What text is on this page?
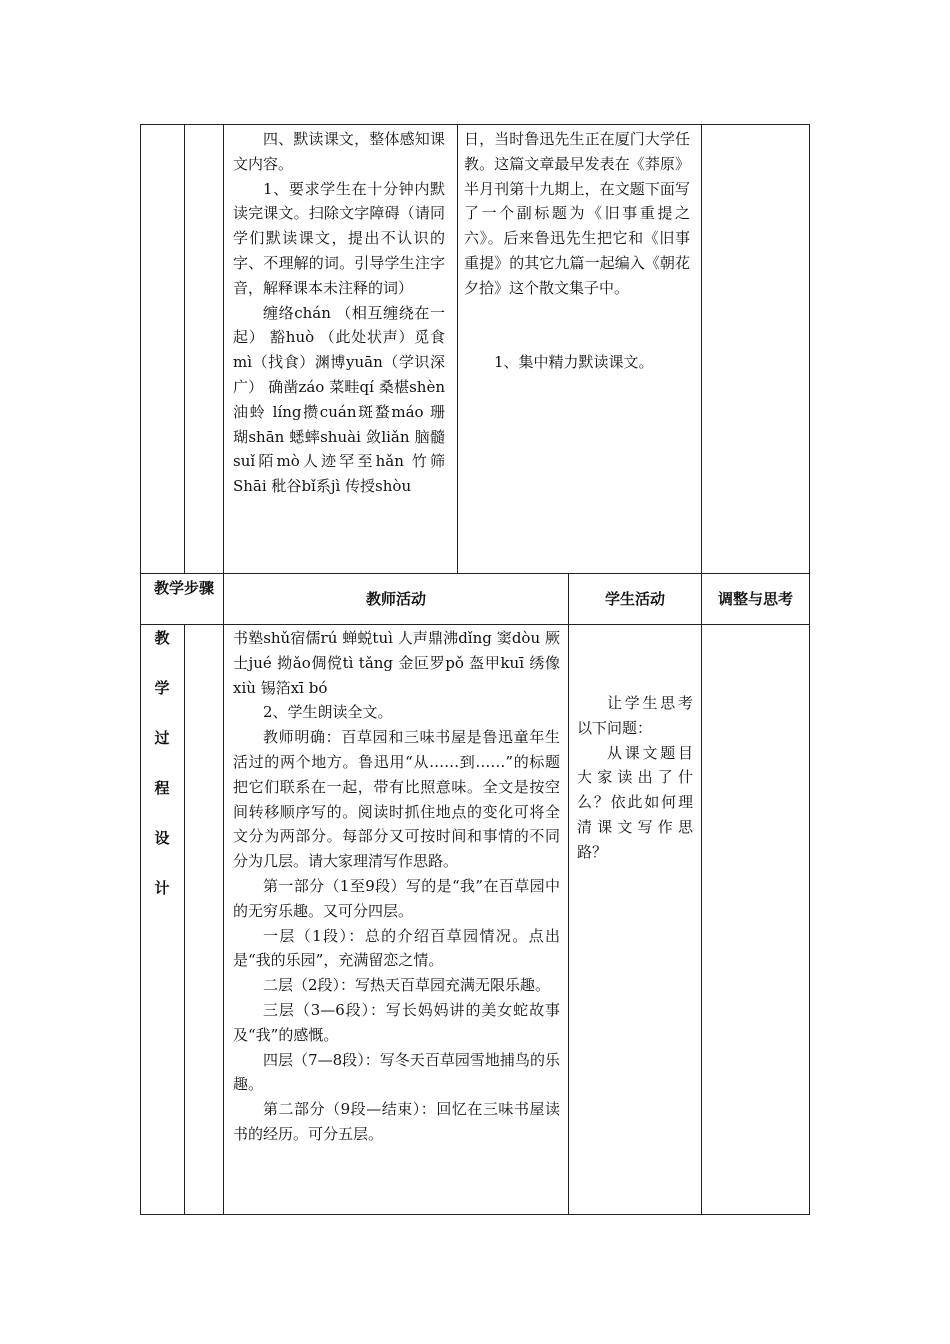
四、默读课文，整体感知课文内容。

1、要求学生在十分钟内默读完课文。扫除文字障碍（请同学们默读课文，提出不认识的字、不理解的词。引导学生注字音，解释课本未注释的词）

缠络chán （相互缠绕在一起） 豁huò （此处状声）觅食mì（找食）渊博yuān（学识深广） 确凿záo 菜畦qí 桑椹shèn 油蛉 líng攒cuán斑蝥máo 珊瑚shān 蟋蟀shuài 敛liǎn 脑髓suǐ陌mò人迹罕至hǎn 竹筛Shāi 秕谷bǐ系jì 传授shòu

日，当时鲁迅先生正在厦门大学任教。这篇文章最早发表在《莽原》半月刊第十九期上，在文题下面写了一个副标题为《旧事重提之六》。后来鲁迅先生把它和《旧事重提》的其它九篇一起编入《朝花夕拾》这个散文集子中。

1、集中精力默读课文。

教学步骤
教师活动	学生活动	调整与思考
教
学
过
程
设
计

书塾shǔ宿儒rú 蝉蜕tuì 人声鼎沸dǐng 窦dòu 厥士jué 拗ǎo倜傥tì tǎng 金叵罗pǒ 盔甲kuī 绣像xiù 锡箔xī bó

2、学生朗读全文。

教师明确：百草园和三味书屋是鲁迅童年生活过的两个地方。鲁迅用“从……到……”的标题把它们联系在一起，带有比照意味。全文是按空间转移顺序写的。阅读时抓住地点的变化可将全文分为两部分。每部分又可按时间和事情的不同分为几层。请大家理清写作思路。

第一部分（1至9段）写的是“我”在百草园中的无穷乐趣。又可分四层。

一层（1段）：总的介绍百草园情况。点出是“我的乐园”，充满留恋之情。

二层（2段）：写热天百草园充满无限乐趣。

三层（3—6段）：写长妈妈讲的美女蛇故事及“我”的感慨。

四层（7—8段）：写冬天百草园雪地捕鸟的乐趣。

第二部分（9段—结束）：回忆在三味书屋读书的经历。可分五层。

让学生思考以下问题：

从课文题目大家读出了什么？依此如何理清课文写作思路？
